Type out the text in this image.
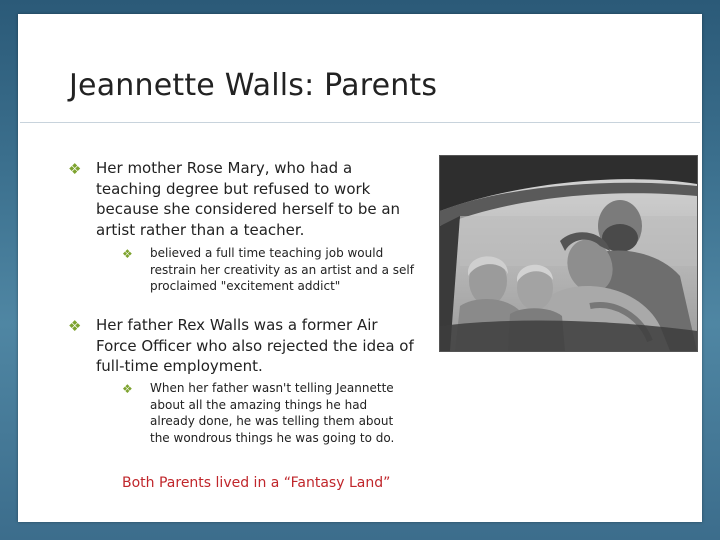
Jeannette Walls: Parents
❖ Her mother Rose Mary, who had a teaching degree but refused to work because she considered herself to be an artist rather than a teacher.
❖ believed a full time teaching job would restrain her creativity as an artist and a self proclaimed "excitement addict"
❖ Her father Rex Walls was a former Air Force Officer who also rejected the idea of full-time employment.
❖ When her father wasn't telling Jeannette about all the amazing things he had already done, he was telling them about the wondrous things he was going to do.
Both Parents lived in a “Fantasy Land”
